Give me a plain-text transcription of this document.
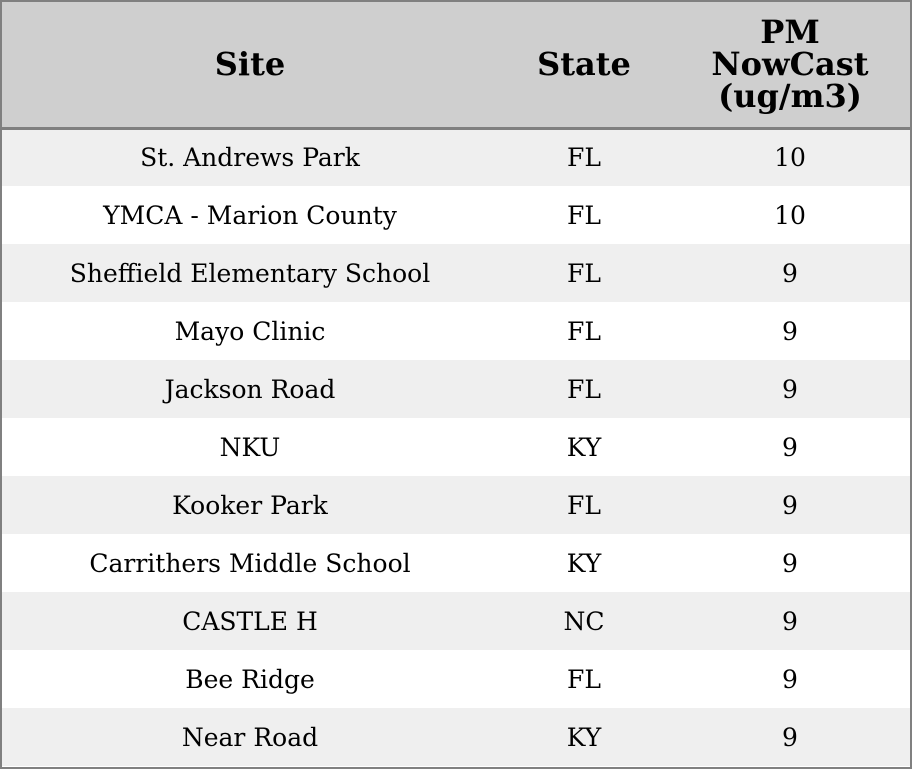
Site	State	PM
NowCast
(ug/m3)
St. Andrews Park	FL	10
YMCA - Marion County	FL	10
Sheffield Elementary School	FL	9
Mayo Clinic	FL	9
Jackson Road	FL	9
NKU	KY	9
Kooker Park	FL	9
Carrithers Middle School	KY	9
CASTLE H	NC	9
Bee Ridge	FL	9
Near Road	KY	9
